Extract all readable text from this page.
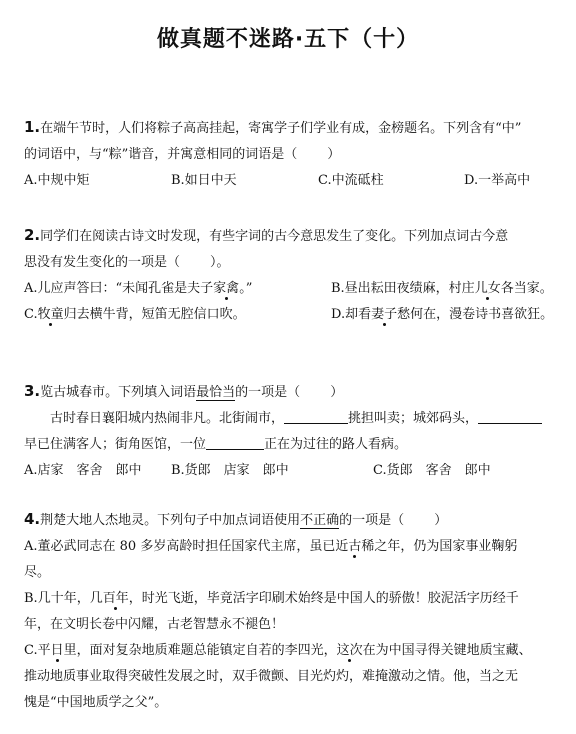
做真题不迷路·五下（十）
1.在端午节时，人们将粽子高高挂起，寄寓学子们学业有成，金榜题名。下列含有“中”
的词语中，与“粽”谐音，并寓意相同的词语是（ ）
A.中规中矩	B.如日中天	C.中流砥柱	D.一举高中
2.同学们在阅读古诗文时发现，有些字词的古今意思发生了变化。下列加点词古今意
思没有发生变化的一项是（ ）。
A.儿应声答曰：“未闻孔雀是夫子家禽。”	B.昼出耘田夜绩麻，村庄儿女各当家。
C.牧童归去横牛背，短笛无腔信口吹。	D.却看妻子愁何在，漫卷诗书喜欲狂。
3.览古城春市。下列填入词语最恰当的一项是（ ）
古时春日襄阳城内热闹非凡。北街闹市，	挑担叫卖；城郊码头，
早已住满客人；街角医馆，一位	正在为过往的路人看病。
A.店家　客舍　郎中	B.货郎　店家　郎中	C.货郎　客舍　郎中
4.荆楚大地人杰地灵。下列句子中加点词语使用不正确的一项是（ ）
A.董必武同志在 80 多岁高龄时担任国家代主席，虽已近古稀之年，仍为国家事业鞠躬
尽。
B.几十年，几百年，时光飞逝，毕竟活字印刷术始终是中国人的骄傲！胶泥活字历经千
年，在文明长卷中闪耀，古老智慧永不褪色！
C.平日里，面对复杂地质难题总能镇定自若的李四光，这次在为中国寻得关键地质宝藏、
推动地质事业取得突破性发展之时，双手微颤、目光灼灼，难掩激动之情。他，当之无
愧是“中国地质学之父”。
